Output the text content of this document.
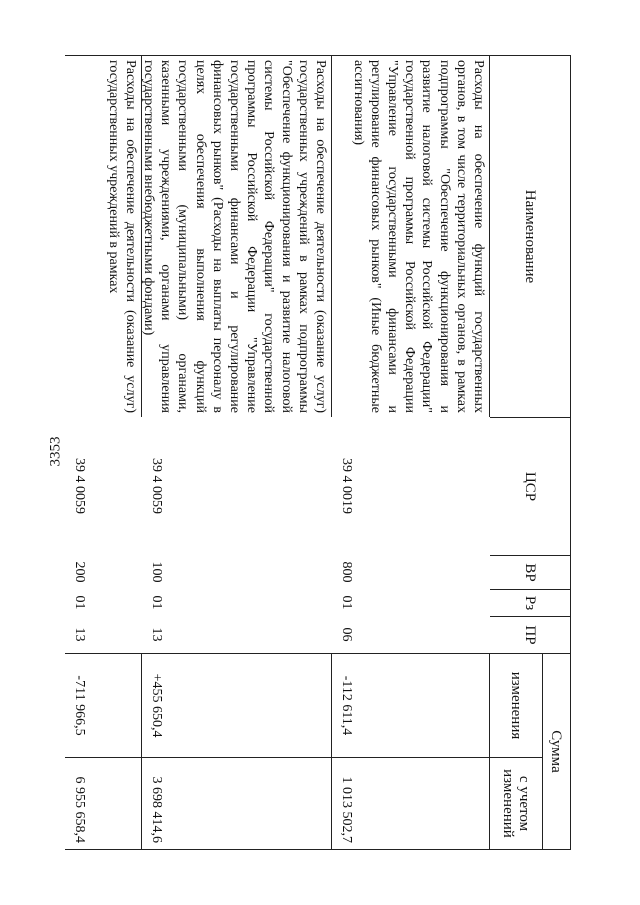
3353
Наименование
ЦСР
ВР
Рз
ПР
Сумма
изменения
с учетом изменений
Расходы на обеспечение функций государственных органов, в том числе территориальных органов, в рамках подпрограммы "Обеспечение функционирования и развитие налоговой системы Российской Федерации" государственной программы Российской Федерации "Управление государственными финансами и регулирование финансовых рынков" (Иные бюджетные ассигнования)
39 4 0019
800
01
06
-112 611,4
1 013 502,7
Расходы на обеспечение деятельности (оказание услуг) государственных учреждений в рамках подпрограммы "Обеспечение функционирования и развитие налоговой системы Российской Федерации" государственной программы Российской Федерации "Управление государственными финансами и регулирование финансовых рынков" (Расходы на выплаты персоналу в целях обеспечения выполнения функций государственными (муниципальными) органами, казенными учреждениями, органами управления государственными внебюджетными фондами)
39 4 0059
100
01
13
+455 650,4
3 698 414,6
Расходы на обеспечение деятельности (оказание услуг) государственных учреждений в рамках
39 4 0059
200
01
13
-711 966,5
6 955 658,4
